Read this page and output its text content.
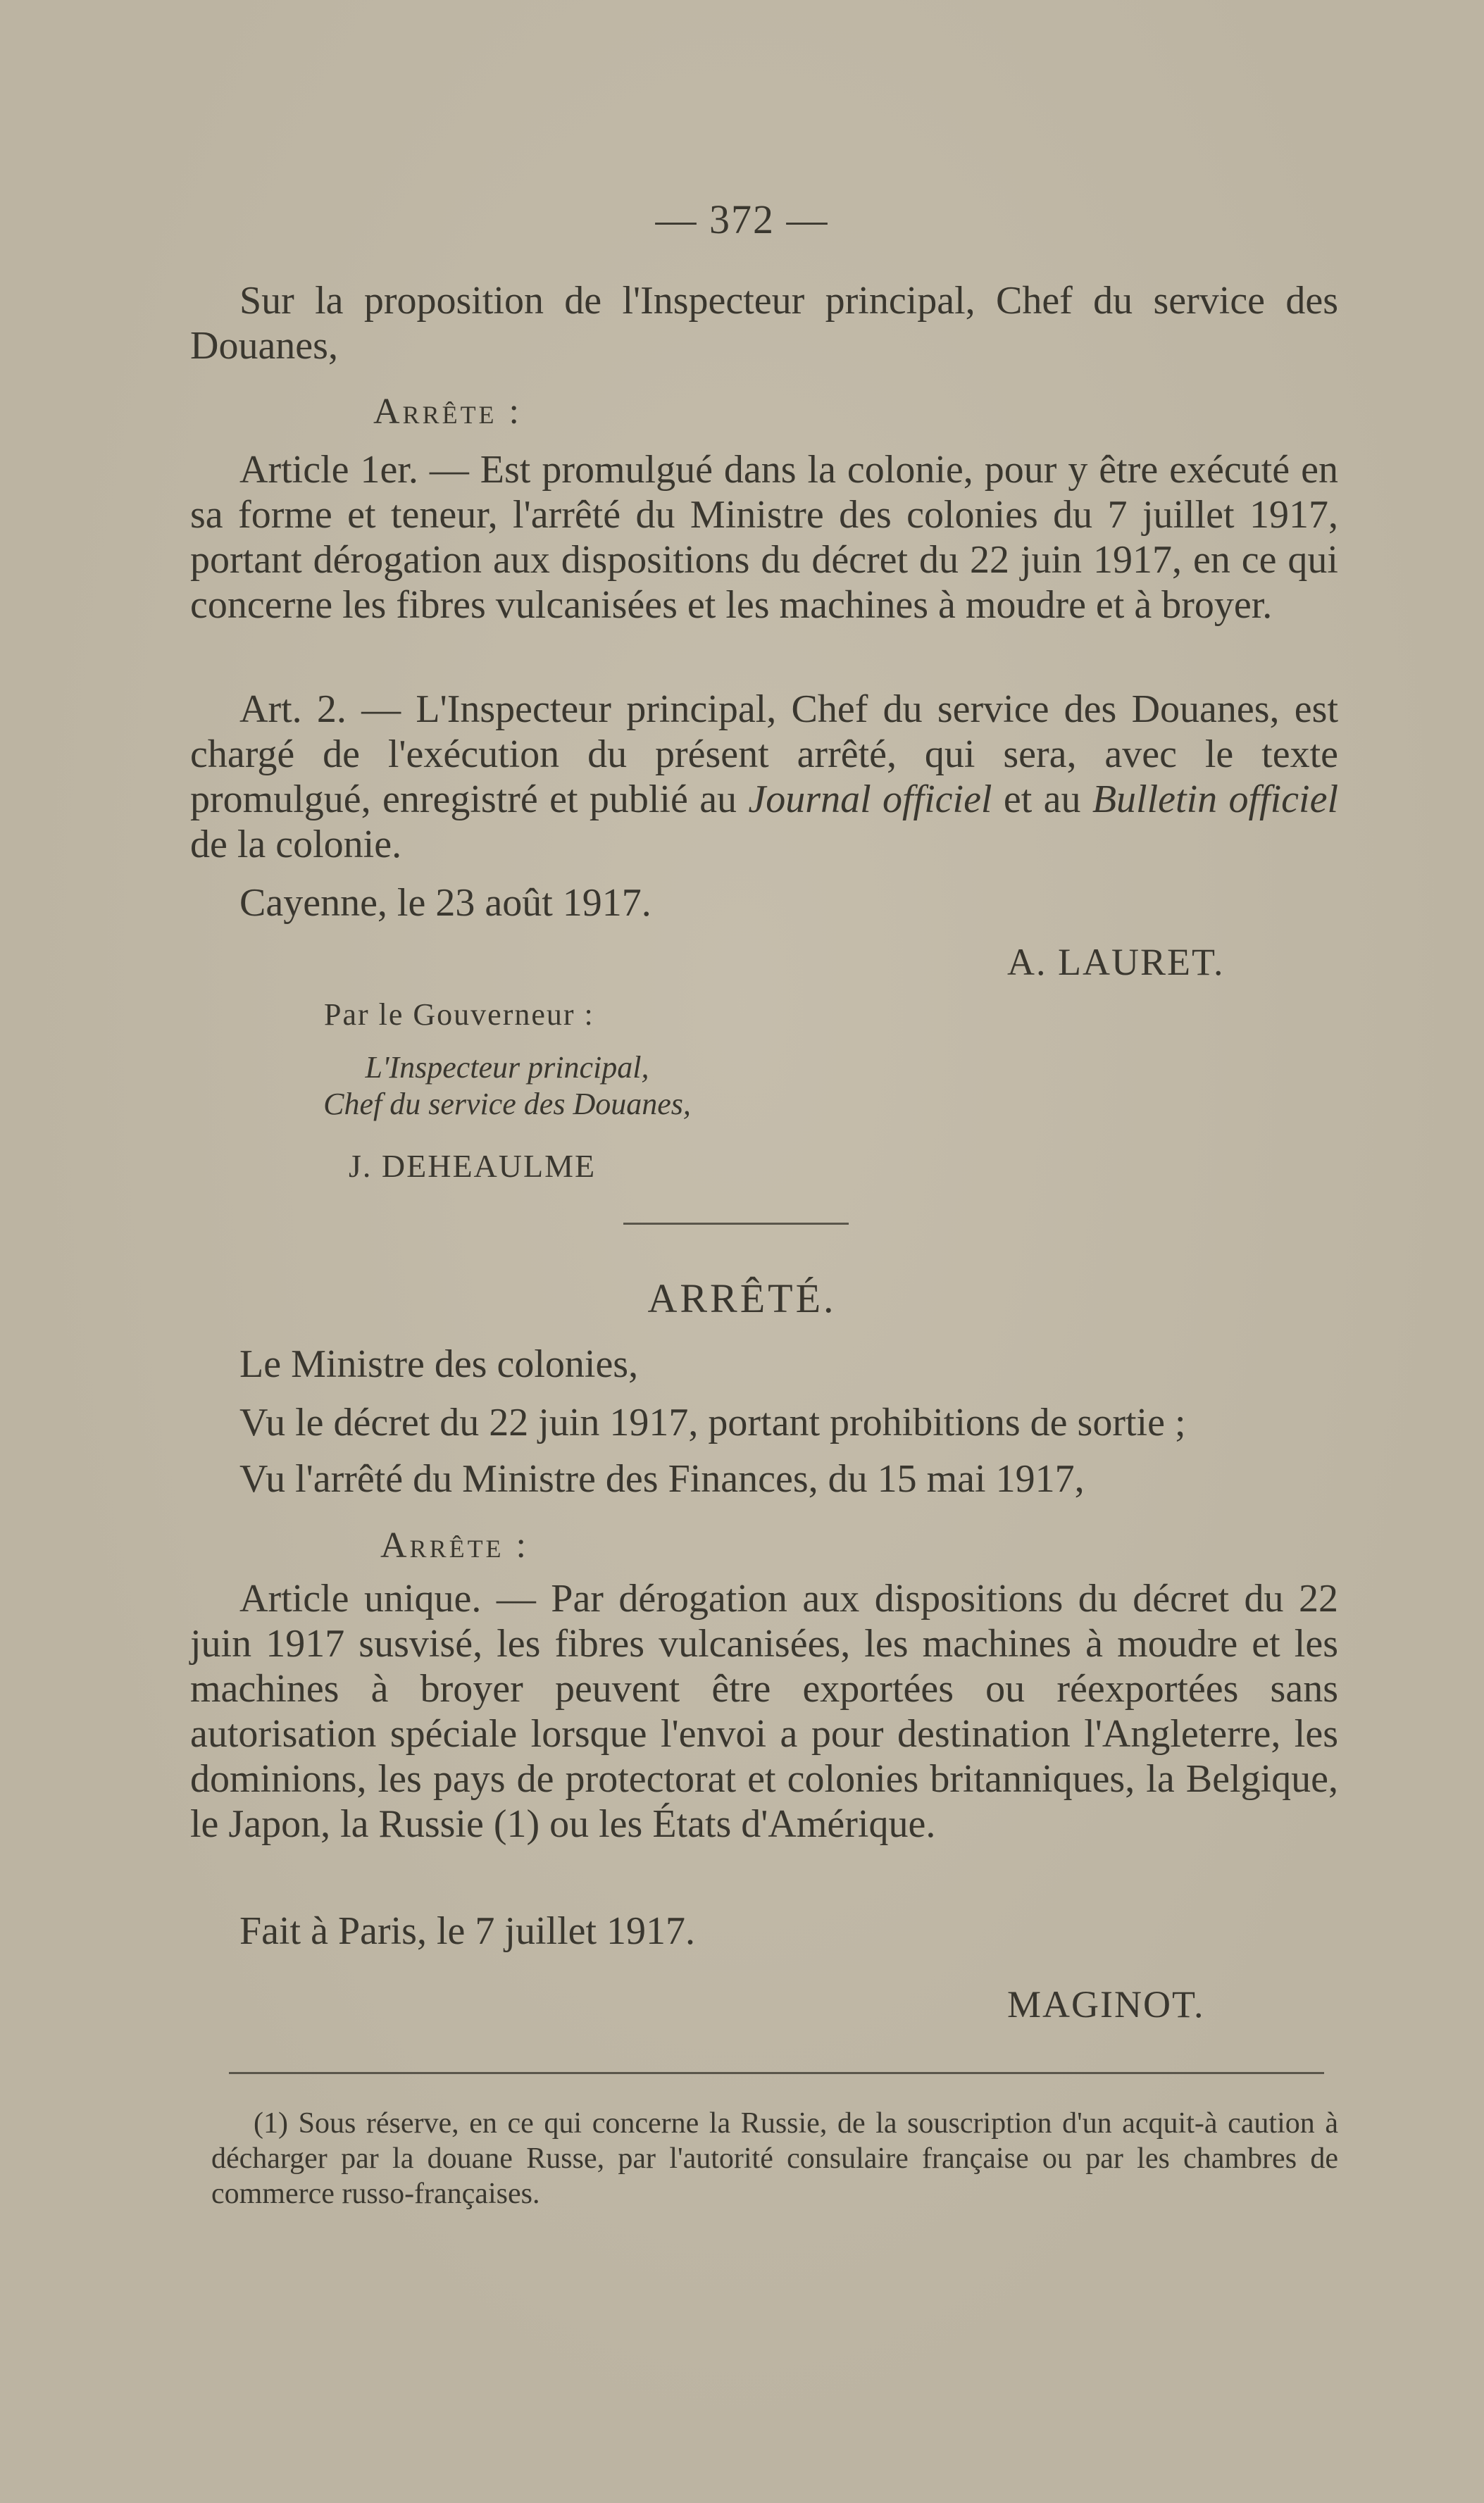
— 372 —

Sur la proposition de l'Inspecteur principal, Chef du service des Douanes,

Arrête :

Article 1er. — Est promulgué dans la colonie, pour y être exécuté en sa forme et teneur, l'arrêté du Ministre des colonies du 7 juillet 1917, portant dérogation aux dispositions du décret du 22 juin 1917, en ce qui concerne les fibres vulcanisées et les machines à moudre et à broyer.

Art. 2. — L'Inspecteur principal, Chef du service des Douanes, est chargé de l'exécution du présent arrêté, qui sera, avec le texte promulgué, enregistré et publié au Journal officiel et au Bulletin officiel de la colonie.

Cayenne, le 23 août 1917.

A. LAURET.
Par le Gouverneur :
L'Inspecteur principal,
Chef du service des Douanes,
J. DEHEAULME
ARRÊTÉ.

Le Ministre des colonies,

Vu le décret du 22 juin 1917, portant prohibitions de sortie ;

Vu l'arrêté du Ministre des Finances, du 15 mai 1917,

Arrête :

Article unique. — Par dérogation aux dispositions du décret du 22 juin 1917 susvisé, les fibres vulcanisées, les machines à moudre et les machines à broyer peuvent être exportées ou réexportées sans autorisation spéciale lorsque l'envoi a pour destination l'Angleterre, les dominions, les pays de protectorat et colonies britanniques, la Belgique, le Japon, la Russie (1) ou les États d'Amérique.

Fait à Paris, le 7 juillet 1917.

MAGINOT.

(1) Sous réserve, en ce qui concerne la Russie, de la souscription d'un acquit-à caution à décharger par la douane Russe, par l'autorité consulaire française ou par les chambres de commerce russo-françaises.
